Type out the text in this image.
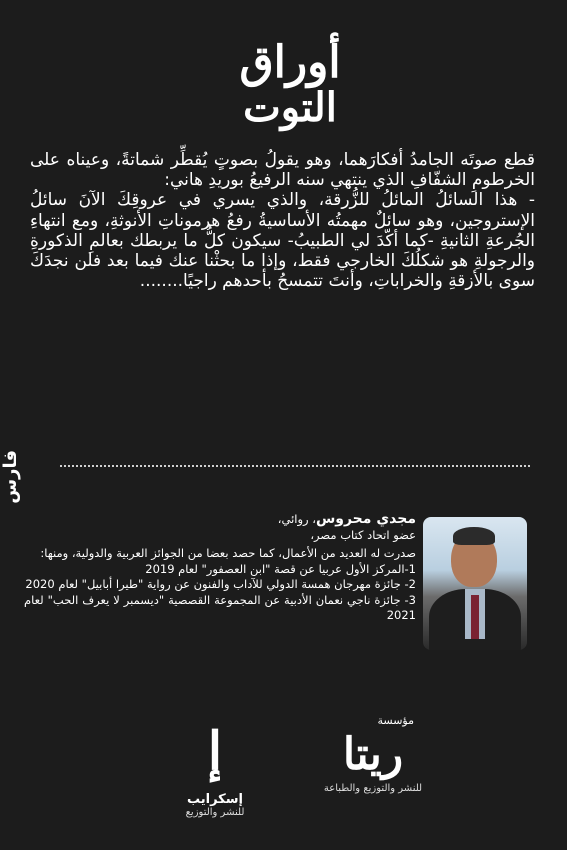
أوراق
التوت

قطع صوتَه الجامدُ أفكارَهما، وهو يقولُ بصوتٍ يُقطِّر شماتةً، وعيناه على الخرطومِ الشفّافِ الذي ينتهي سنه الرفيعُ بوريدِ هاني:

- هذا السائلُ المائلُ للزُّرقة، والذي يسري في عروقِكَ الآنَ سائلُ الإستروجين، وهو سائلٌ مهمتُه الأساسيةُ رفعُ هرموناتِ الأنوثةِ، ومع انتهاءِ الجُرعةِ الثانيةِ -كما أكّدَ لي الطبيبُ- سيكون كلُّ ما يربطك بعالمِ الذكورةِ والرجولةِ هو شكلُكَ الخارجي فقط، وإذا ما بحثْنا عنك فيما بعد فلن نجدَكَ سوى بالأزقةِ والخراباتِ، وأنتَ تتمسحُ بأحدهم راجيًا........

فارس
مجدي محروس، روائي، عضو اتحاد كتاب مصر،

صدرت له العديد من الأعمال، كما حصد بعضا من الجوائز العربية والدولية، ومنها:

1-المركز الأول عربيا عن قصة "ابن العصفور" لعام 2019

2- جائزة مهرجان همسة الدولي للآداب والفنون عن رواية "طيرا أبابيل" لعام 2020

3- جائزة ناجي نعمان الأدبية عن المجموعة القصصية "ديسمبر لا يعرف الحب" لعام 2021

مؤسسة
ريتا
للنشر والتوزيع والطباعة
إ
إسكرايب
للنشر والتوزيع
